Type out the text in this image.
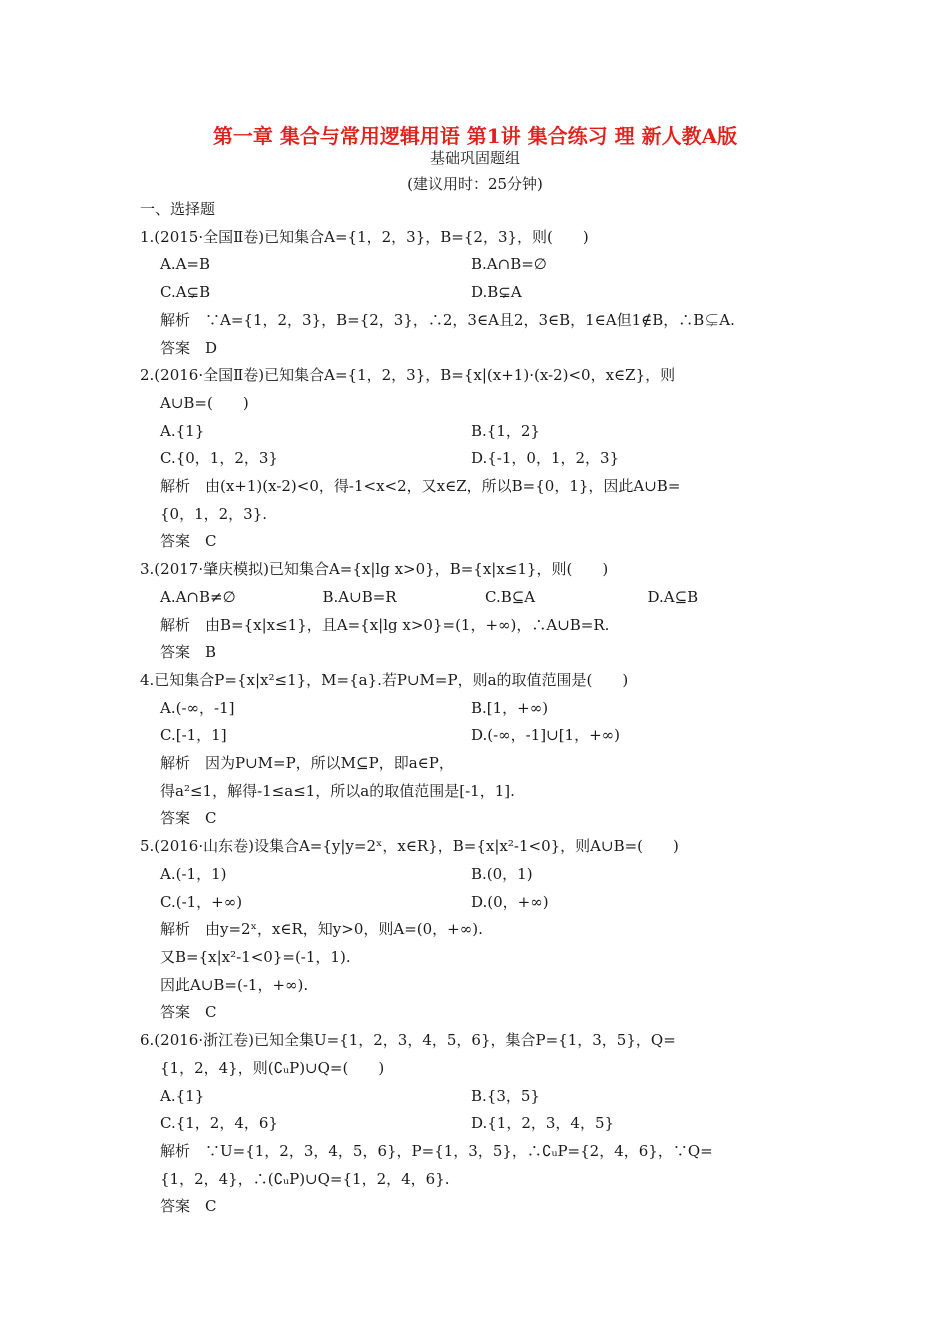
第一章 集合与常用逻辑用语 第1讲 集合练习 理 新人教A版
基础巩固题组
(建议用时：25分钟)
一、选择题
1.(2015·全国Ⅱ卷)已知集合A={1，2，3}，B={2，3}，则(　　)
A.A=B	B.A∩B=∅
C.A⊊B	D.B⊊A
解析　∵A={1，2，3}，B={2，3}，∴2，3∈A且2，3∈B，1∈A但1∉B，∴B⊊A.
答案　D
2.(2016·全国Ⅱ卷)已知集合A={1，2，3}，B={x|(x+1)·(x-2)<0，x∈Z}，则
A∪B=(　　)
A.{1}	B.{1，2}
C.{0，1，2，3}	D.{-1，0，1，2，3}
解析　由(x+1)(x-2)<0，得-1<x<2，又x∈Z，所以B={0，1}，因此A∪B=
{0，1，2，3}.
答案　C
3.(2017·肇庆模拟)已知集合A={x|lg x>0}，B={x|x≤1}，则(　　)
A.A∩B≠∅	B.A∪B=R	C.B⊆A	D.A⊆B
解析　由B={x|x≤1}，且A={x|lg x>0}=(1，+∞)，∴A∪B=R.
答案　B
4.已知集合P={x|x²≤1}，M={a}.若P∪M=P，则a的取值范围是(　　)
A.(-∞，-1]	B.[1，+∞)
C.[-1，1]	D.(-∞，-1]∪[1，+∞)
解析　因为P∪M=P，所以M⊆P，即a∈P，
得a²≤1，解得-1≤a≤1，所以a的取值范围是[-1，1].
答案　C
5.(2016·山东卷)设集合A={y|y=2ˣ，x∈R}，B={x|x²-1<0}，则A∪B=(　　)
A.(-1，1)	B.(0，1)
C.(-1，+∞)	D.(0，+∞)
解析　由y=2ˣ，x∈R，知y>0，则A=(0，+∞).
又B={x|x²-1<0}=(-1，1).
因此A∪B=(-1，+∞).
答案　C
6.(2016·浙江卷)已知全集U={1，2，3，4，5，6}，集合P={1，3，5}，Q=
{1，2，4}，则(∁ᵤP)∪Q=(　　)
A.{1}	B.{3，5}
C.{1，2，4，6}	D.{1，2，3，4，5}
解析　∵U={1，2，3，4，5，6}，P={1，3，5}，∴∁ᵤP={2，4，6}，∵Q=
{1，2，4}，∴(∁ᵤP)∪Q={1，2，4，6}.
答案　C
